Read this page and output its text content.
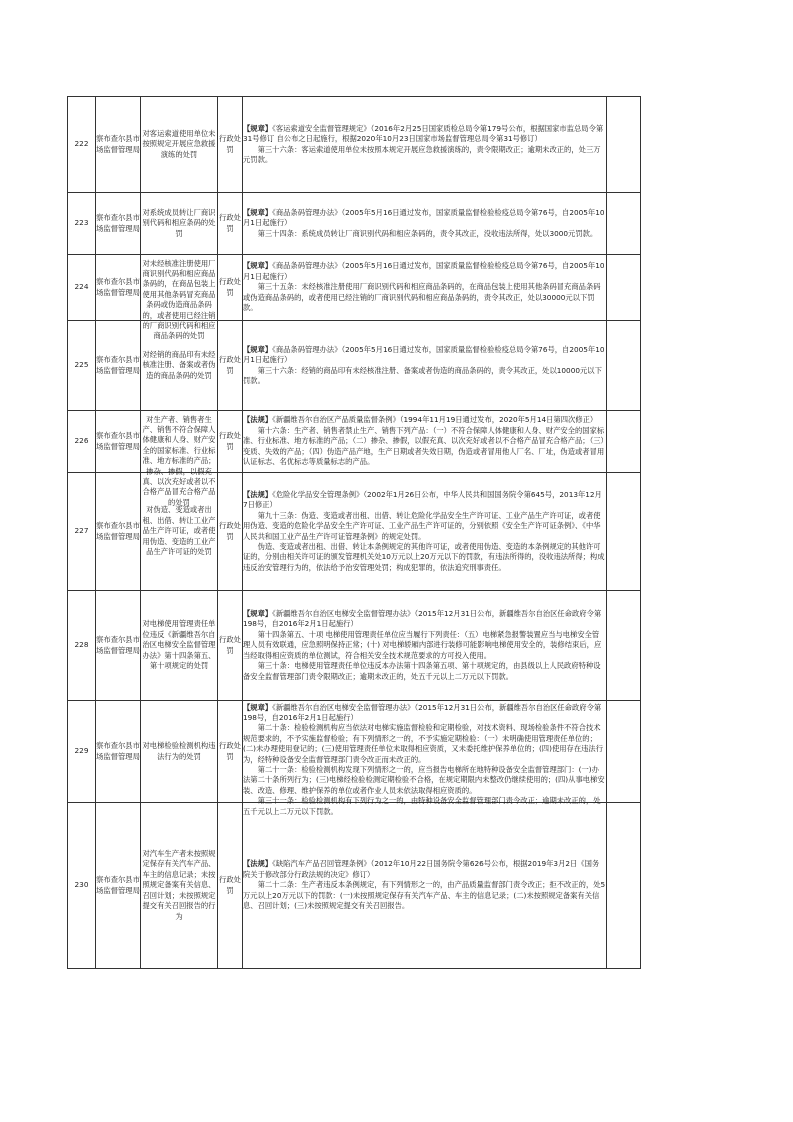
222	察布查尔县市场监督管理局	对客运索道使用单位未按照规定开展应急救援演练的处罚	行政处罚	【规章】《客运索道安全监督管理规定》（2016年2月25日国家质检总局令第179号公布，根据国家市监总局令第31号修订 自公布之日起施行，根据2020年10月23日国家市场监督管理总局令第31号修订）

第三十六条：客运索道使用单位未按照本规定开展应急救援演练的，责令限期改正；逾期未改正的，处三万元罚款。	

223	察布查尔县市场监督管理局	对系统成员转让厂商识别代码和相应条码的处罚	行政处罚	【规章】《商品条码管理办法》（2005年5月16日通过发布，国家质量监督检验检疫总局令第76号，自2005年10月1日起施行）

第三十四条：系统成员转让厂商识别代码和相应条码的，责令其改正，没收违法所得，处以3000元罚款。	

224	察布查尔县市场监督管理局	对未经核准注册使用厂商识别代码和相应商品条码的，在商品包装上使用其他条码冒充商品条码或伪造商品条码的，或者使用已经注销的厂商识别代码和相应商品条码的处罚	行政处罚	【规章】《商品条码管理办法》（2005年5月16日通过发布，国家质量监督检验检疫总局令第76号，自2005年10月1日起施行）

第三十五条：未经核准注册使用厂商识别代码和相应商品条码的，在商品包装上使用其他条码冒充商品条码或伪造商品条码的，或者使用已经注销的厂商识别代码和相应商品条码的，责令其改正，处以30000元以下罚款。	

225	察布查尔县市场监督管理局	对经销的商品印有未经核准注册、备案或者伪造的商品条码的处罚	行政处罚	【规章】《商品条码管理办法》（2005年5月16日通过发布，国家质量监督检验检疫总局令第76号，自2005年10月1日起施行）

第三十六条：经销的商品印有未经核准注册、备案或者伪造的商品条码的，责令其改正，处以10000元以下罚款。	

226	察布查尔县市场监督管理局	对生产者、销售者生产、销售不符合保障人体健康和人身、财产安全的国家标准、行业标准、地方标准的产品；掺杂、掺假，以假充真、以次充好或者以不合格产品冒充合格产品的处罚	行政处罚	【法规】《新疆维吾尔自治区产品质量监督条例》（1994年11月19日通过发布，2020年5月14日第四次修正）

第十六条：生产者、销售者禁止生产、销售下列产品：（一）不符合保障人体健康和人身、财产安全的国家标准、行业标准、地方标准的产品；（二）掺杂、掺假，以假充真、以次充好或者以不合格产品冒充合格产品；（三）变质、失效的产品；（四）伪造产品产地，生产日期或者失效日期，伪造或者冒用他人厂名、厂址，伪造或者冒用认证标志、名优标志等质量标志的产品。	

227	察布查尔县市场监督管理局	对伪造、变造或者出租、出借、转让工业产品生产许可证，或者使用伪造、变造的工业产品生产许可证的处罚	行政处罚	【法规】《危险化学品安全管理条例》（2002年1月26日公布，中华人民共和国国务院令第645号，2013年12月7日修正）

第九十三条：伪造、变造或者出租、出借、转让危险化学品安全生产许可证、工业产品生产许可证，或者使用伪造、变造的危险化学品安全生产许可证、工业产品生产许可证的，分别依照《安全生产许可证条例》、《中华人民共和国工业产品生产许可证管理条例》的规定处罚。

伪造、变造或者出租、出借、转让本条例规定的其他许可证，或者使用伪造、变造的本条例规定的其他许可证的，分别由相关许可证的颁发管理机关处10万元以上20万元以下的罚款，有违法所得的，没收违法所得；构成违反治安管理行为的，依法给予治安管理处罚；构成犯罪的，依法追究刑事责任。	

228	察布查尔县市场监督管理局	对电梯使用管理责任单位违反《新疆维吾尔自治区电梯安全监督管理办法》第十四条第五、第十项规定的处罚	行政处罚	【规章】《新疆维吾尔自治区电梯安全监督管理办法》（2015年12月31日公布，新疆维吾尔自治区任命政府令第198号，自2016年2月1日起施行）

第十四条第五、十项 电梯使用管理责任单位应当履行下列责任：（五）电梯紧急报警装置应当与电梯安全管理人员有效联通，应急照明保持正常；(十) 对电梯轿厢内部进行装修可能影响电梯使用安全的，装修结束后，应当经取得相应资质的单位测试，符合相关安全技术规范要求的方可投入使用。

第三十条：电梯使用管理责任单位违反本办法第十四条第五项、第十项规定的，由县级以上人民政府特种设备安全监督管理部门责令限期改正；逾期未改正的，处五千元以上二万元以下罚款。	

229	察布查尔县市场监督管理局	对电梯检验检测机构违法行为的处罚	行政处罚	【规章】《新疆维吾尔自治区电梯安全监督管理办法》（2015年12月31日公布，新疆维吾尔自治区任命政府令第198号，自2016年2月1日起施行）

第二十条：检验检测机构应当依法对电梯实施监督检验和定期检验，对技术资料、现场检验条件不符合技术规范要求的，不予实施监督检验；有下列情形之一的，不予实施定期检验：（一）未明确使用管理责任单位的；(二)未办理使用登记的；(三)使用管理责任单位未取得相应资质，又未委托维护保养单位的；(四)使用存在违法行为，经特种设备安全监督管理部门责令改正而未改正的。

第二十一条：检验检测机构发现下列情形之一的，应当报告电梯所在地特种设备安全监督管理部门：(一)办法第二十条所列行为；(三)电梯经检验检测定期检验不合格，在规定期限内未整改仍继续使用的；(四)从事电梯安装、改造、修理、维护保养的单位或者作业人员未依法取得相应资质的。

第三十一条：检验检测机构有下列行为之一的，由特种设备安全监督管理部门责令改正；逾期未改正的，处五千元以上二万元以下罚款。	

230	察布查尔县市场监督管理局	对汽车生产者未按照规定保存有关汽车产品、车主的信息记录；未按照规定备案有关信息、召回计划；未按照规定提交有关召回报告的行为	行政处罚	【法规】《缺陷汽车产品召回管理条例》（2012年10月22日国务院令第626号公布，根据2019年3月2日《国务院关于修改部分行政法规的决定》修订）

第二十二条：生产者违反本条例规定，有下列情形之一的，由产品质量监督部门责令改正；拒不改正的，处5万元以上20万元以下的罚款：(一)未按照规定保存有关汽车产品、车主的信息记录；(二)未按照规定备案有关信息、召回计划；(三)未按照规定提交有关召回报告。	
